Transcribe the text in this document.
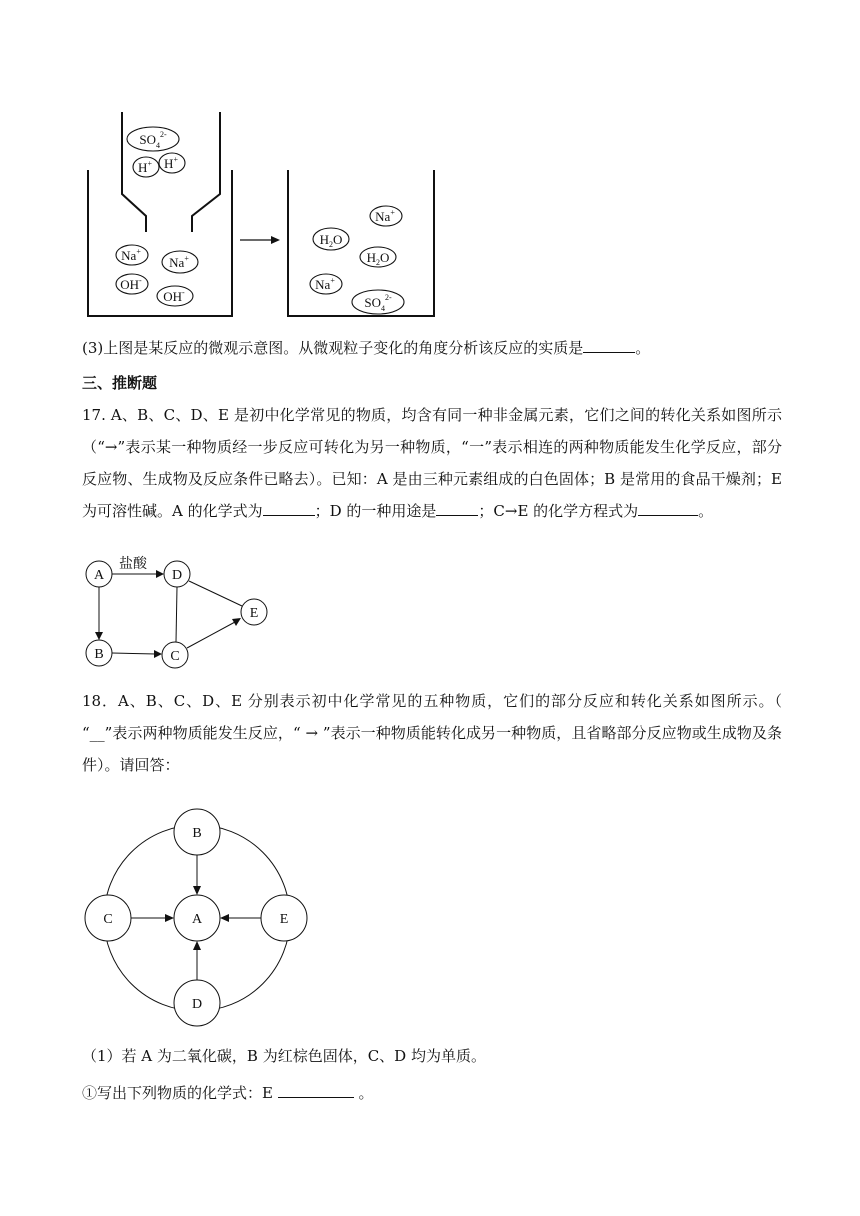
$SO_4^{2-}$
H+ H+
Na+
Na+
OH-
OH-
Na+
$H_2O$
$H_2O$
Na+
$SO_4^{2-}$

(3)上图是某反应的微观示意图。从微观粒子变化的角度分析该反应的实质是	。

三、推断题

17. A、B、C、D、E 是初中化学常见的物质，均含有同一种非金属元素，它们之间的转化关系如图所示（“→”表示某一种物质经一步反应可转化为另一种物质，“一”表示相连的两种物质能发生化学反应，部分反应物、生成物及反应条件已略去）。已知：A 是由三种元素组成的白色固体；B 是常用的食品干燥剂；E 为可溶性碱。A 的化学式为	；D 的一种用途是	；C→E 的化学方程式为	。

盐酸
A	D
E
B	C

18．A、B、C、D、E 分别表示初中化学常见的五种物质，它们的部分反应和转化关系如图所示。（ “__”表示两种物质能发生反应，“ → ”表示一种物质能转化成另一种物质，且省略部分反应物或生成物及条件）。请回答：

B
C	A	E
D

（1）若 A 为二氧化碳，B 为红棕色固体，C、D 均为单质。

①写出下列物质的化学式：E	。
